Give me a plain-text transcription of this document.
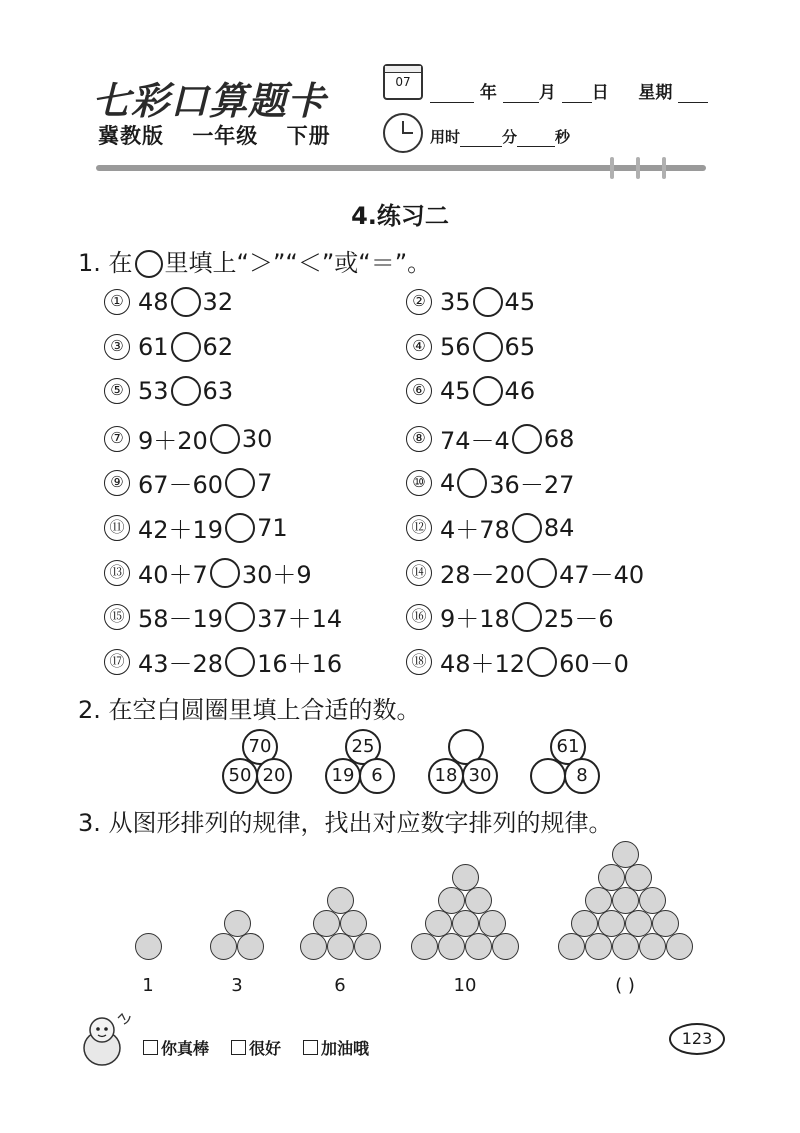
七彩口算题卡
冀教版 一年级 下册
07
年 月 日 星期
用时	分	秒
4.练习二
1. 在 里填上“＞”“＜”或“＝”。
① 48 32	② 35 45
③ 61 62	④ 56 65
⑤ 53 63	⑥ 45 46
⑦ 9＋20 30	⑧ 74－4 68
⑨ 67－60 7	⑩ 4 36－27
⑪ 42＋19 71	⑫ 4＋78 84
⑬ 40＋7 30＋9	⑭ 28－20 47－40
⑮ 58－19 37＋14	⑯ 9＋18 25－6
⑰ 43－28 16＋16	⑱ 48＋12 60－0
2. 在空白圆圈里填上合适的数。
70
50 20
25
19 6	18 30
61
8
3. 从图形排列的规律，找出对应数字排列的规律。
1	3	6	10	( )
你真棒	很好	加油哦
123
